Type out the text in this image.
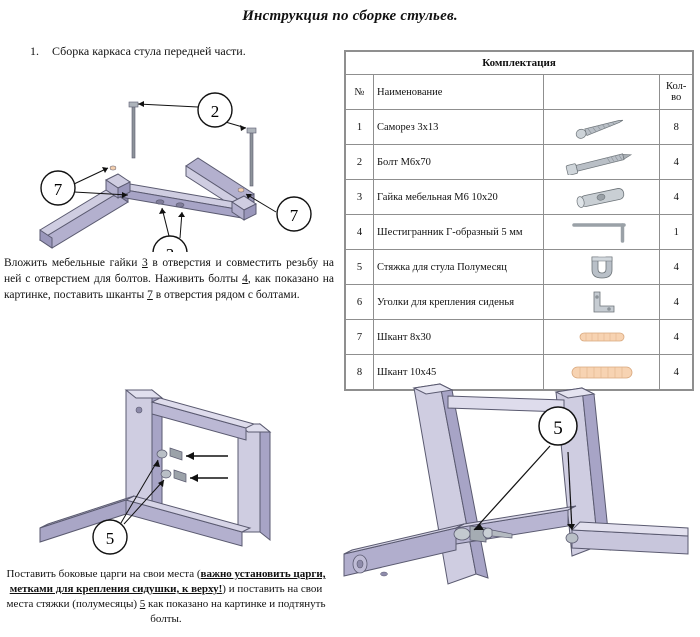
Инструкция по сборке стульев.
1. Сборка каркаса стула передней части.
2
7
7
Вложить мебельные гайки 3 в отверстия и совместить резьбу на ней с отверстием для болтов. Наживить болты 4, как показано на картинке, поставить шканты 7 в отверстия рядом с болтами.
Комплектация			
№	Наименование		Кол-во
1	Саморез 3х13		8
2	Болт М6х70		4
3	Гайка мебельная М6 10х20		4
4	Шестигранник Г-образный 5 мм		1
5	Стяжка для стула Полумесяц		4
6	Уголки для крепления сиденья		4
7	Шкант 8х30		4
8	Шкант 10х45		4
5
Поставить боковые царги на свои места (важно установить царги, метками для крепления сидушки, к верху!) и поставить на свои места стяжки (полумесяцы) 5 как показано на картинке и подтянуть болты.
5
